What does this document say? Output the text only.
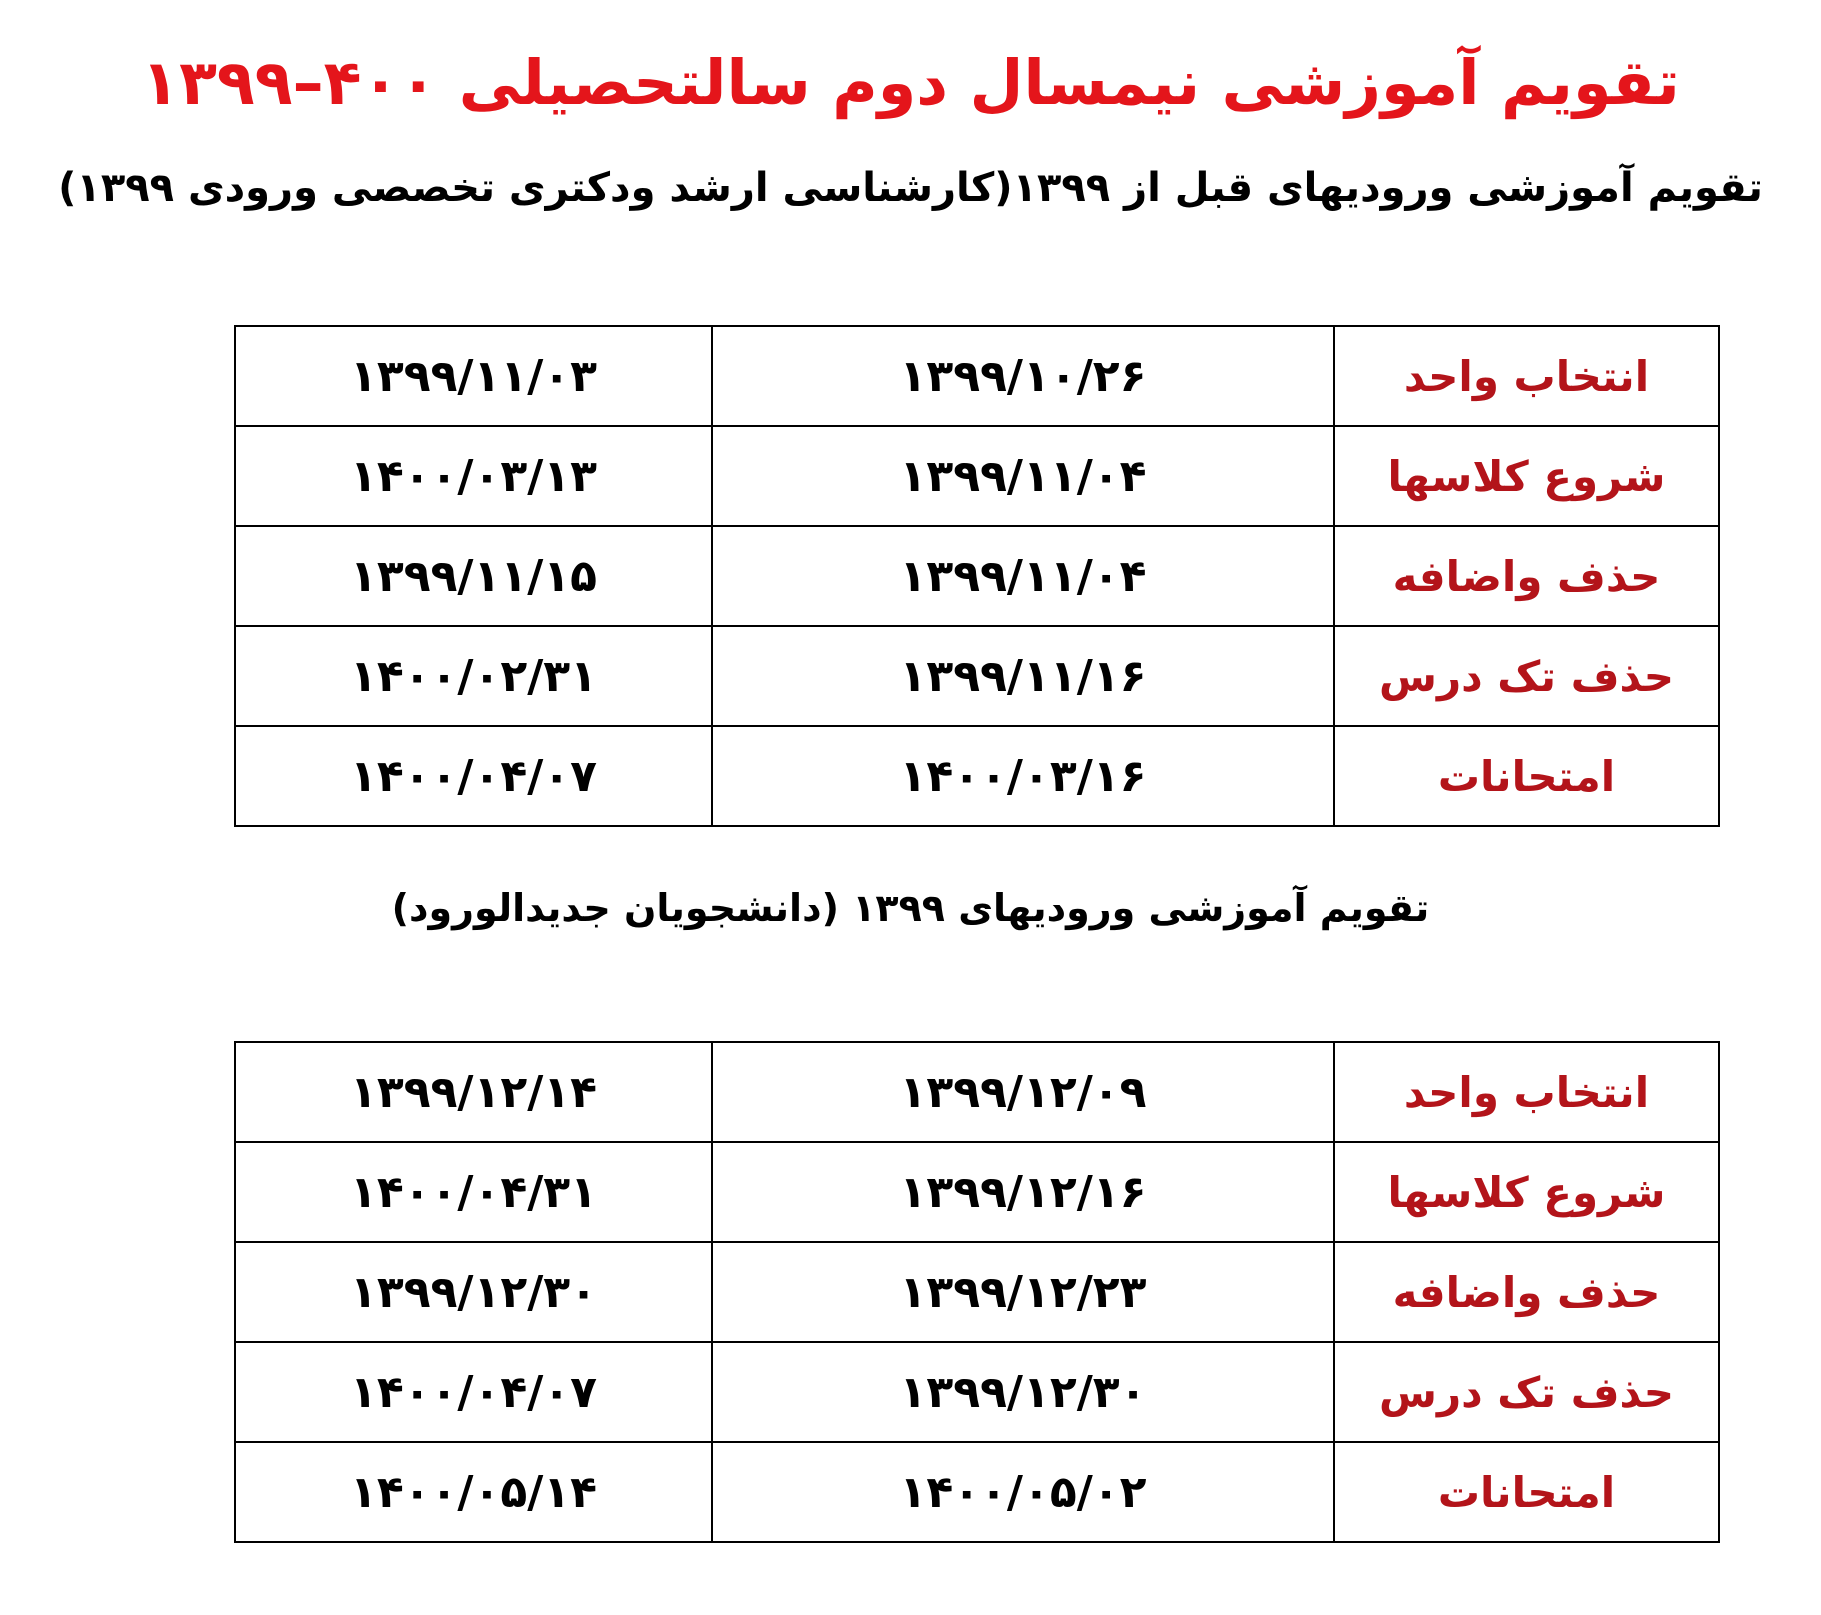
تقویم آموزشی نیمسال دوم سالتحصیلی ۴۰۰–۱۳۹۹
تقویم آموزشی ورودیهای قبل از ۱۳۹۹(کارشناسی ارشد ودکتری تخصصی ورودی ۱۳۹۹)
انتخاب واحد	۱۳۹۹/۱۰/۲۶	۱۳۹۹/۱۱/۰۳
شروع کلاسها	۱۳۹۹/۱۱/۰۴	۱۴۰۰/۰۳/۱۳
حذف واضافه	۱۳۹۹/۱۱/۰۴	۱۳۹۹/۱۱/۱۵
حذف تک درس	۱۳۹۹/۱۱/۱۶	۱۴۰۰/۰۲/۳۱
امتحانات	۱۴۰۰/۰۳/۱۶	۱۴۰۰/۰۴/۰۷
تقویم آموزشی ورودیهای ۱۳۹۹ (دانشجویان جدیدالورود)
انتخاب واحد	۱۳۹۹/۱۲/۰۹	۱۳۹۹/۱۲/۱۴
شروع کلاسها	۱۳۹۹/۱۲/۱۶	۱۴۰۰/۰۴/۳۱
حذف واضافه	۱۳۹۹/۱۲/۲۳	۱۳۹۹/۱۲/۳۰
حذف تک درس	۱۳۹۹/۱۲/۳۰	۱۴۰۰/۰۴/۰۷
امتحانات	۱۴۰۰/۰۵/۰۲	۱۴۰۰/۰۵/۱۴
